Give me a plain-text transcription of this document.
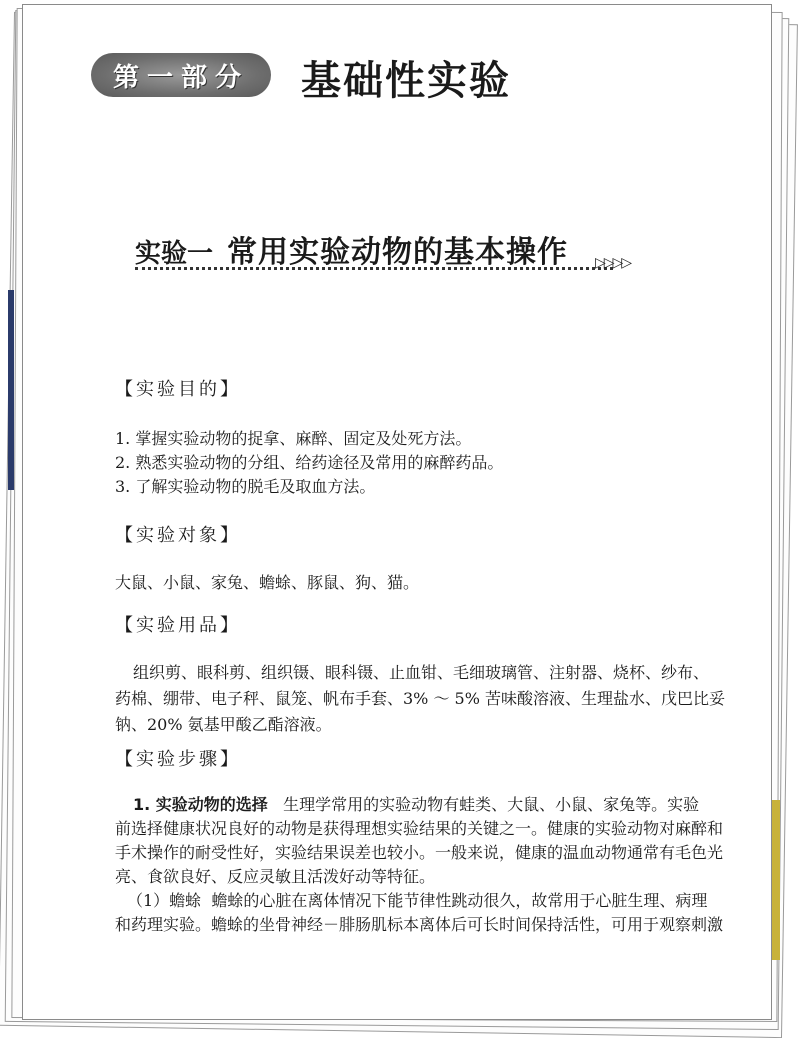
第一部分 基础性实验
实验一 常用实验动物的基本操作	▷▷▷▷
【实验目的】
1. 掌握实验动物的捉拿、麻醉、固定及处死方法。
2. 熟悉实验动物的分组、给药途径及常用的麻醉药品。
3. 了解实验动物的脱毛及取血方法。
【实验对象】
大鼠、小鼠、家兔、蟾蜍、豚鼠、狗、猫。
【实验用品】
组织剪、眼科剪、组织镊、眼科镊、止血钳、毛细玻璃管、注射器、烧杯、纱布、
药棉、绷带、电子秤、鼠笼、帆布手套、3% ～ 5% 苦味酸溶液、生理盐水、戊巴比妥
钠、20% 氨基甲酸乙酯溶液。
【实验步骤】
1. 实验动物的选择 生理学常用的实验动物有蛙类、大鼠、小鼠、家兔等。实验
前选择健康状况良好的动物是获得理想实验结果的关键之一。健康的实验动物对麻醉和
手术操作的耐受性好，实验结果误差也较小。一般来说，健康的温血动物通常有毛色光
亮、食欲良好、反应灵敏且活泼好动等特征。
（1）蟾蜍 蟾蜍的心脏在离体情况下能节律性跳动很久，故常用于心脏生理、病理
和药理实验。蟾蜍的坐骨神经－腓肠肌标本离体后可长时间保持活性，可用于观察刺激
